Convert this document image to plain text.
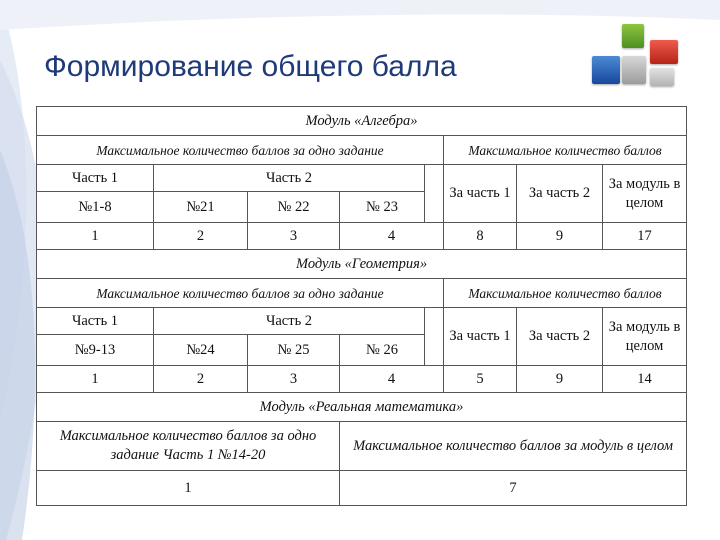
Формирование общего балла
Модуль «Алгебра»							
Максимальное количество баллов за одно задание					Максимальное количество баллов		
Часть 1	Часть 2				За часть 1	За часть 2	За модуль в целом
№1-8	№21	№ 22	№ 23				
1	2	3	4		8	9	17
Модуль «Геометрия»							
Максимальное количество баллов за одно задание					Максимальное количество баллов		
Часть 1	Часть 2				За часть 1	За часть 2	За модуль в целом
№9-13	№24	№ 25	№ 26				
1	2	3	4		5	9	14
Модуль «Реальная математика»							
Максимальное количество баллов за одно задание Часть 1 №14-20			Максимальное количество баллов за модуль в целом				
1			7				
